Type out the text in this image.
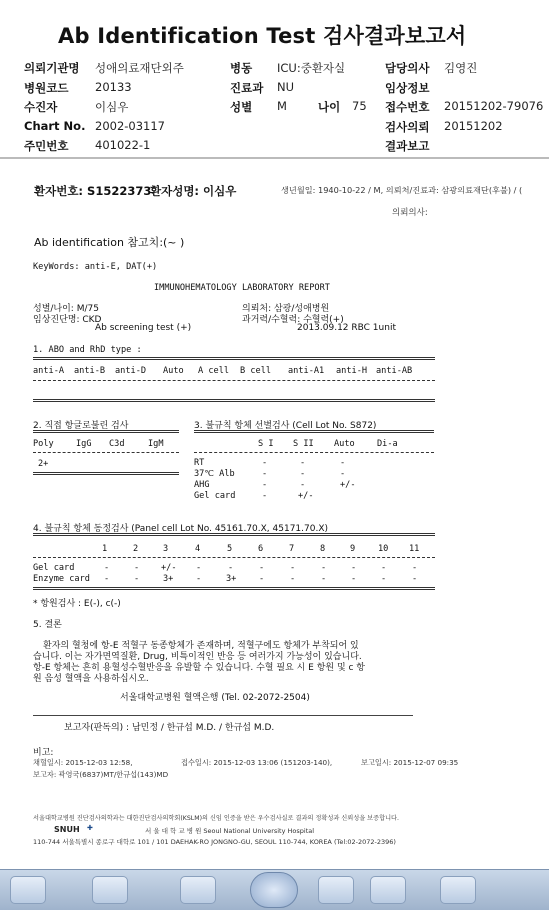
Ab Identification Test 검사결과보고서
의뢰기관명 성애의료재단외주	병동 ICU:중환자실	담당의사 김영진
병원코드 20133	진료과 NU	임상정보
수진자	이심우	성별 M	나이 75 접수번호 20151202-79076
Chart No. 2002-03117	검사의뢰 20151202
주민번호 401022-1	결과보고
환자번호: S1522373
환자성명: 이심우	생년월일: 1940-10-22 / M, 의뢰처/진료과: 삼광의료재단(후불) / (
의뢰의사:
Ab identification 참고치:(~ )
KeyWords: anti-E, DAT(+)
IMMUNOHEMATOLOGY LABORATORY REPORT
성별/나이: M/75
임상진단명: CKD
Ab screening test (+)
의뢰처: 삼광/성애병원
과거력/수혈력: 수혈력(+)
2013.09.12 RBC 1unit
1. ABO and RhD type :
anti-A anti-B anti-D Auto A cell B cell anti-A1 anti-H anti-AB
2. 직접 항글로불린 검사
Poly	IgG C3d	IgM
2+
3. 불규칙 항체 선별검사 (Cell Lot No. S872)
S I S II Auto	Di-a
RT	-	-	-
37℃ Alb	-	-	-
AHG	-	-	+/-
Gel card	-	+/-
4. 불규칙 항체 동정검사 (Panel cell Lot No. 45161.70.X, 45171.70.X)
1	2	3	4	5	6	7	8	9	10 11
Gel card	-	-	+/- -	-	-	-	-	-	-	-
Enzyme card -	-	3+	-	3+	-	-	-	-	-	-
* 항원검사 : E(-), c(-)
5. 결론
환자의 혈청에 항-E 적혈구 동종항체가 존재하며, 적혈구에도 항체가 부착되어 있
습니다. 이는 자가면역질환, Drug, 비특이적인 반응 등 여러가지 가능성이 있습니다.
항-E 항체는 흔히 용혈성수혈반응을 유발할 수 있습니다. 수혈 필요 시 E 항원 및 c 항
원 음성 혈액을 사용하십시오.
서울대학교병원 혈액은행 (Tel. 02-2072-2504)
보고자(판독의) : 남민정 / 한규섭 M.D. / 한규섭 M.D.
비고:
채혈일시: 2015-12-03 12:58,	접수일시: 2015-12-03 13:06 (151203-140),	보고일시: 2015-12-07 09:35
보고자: 곽영국(6837)MT/한규섭(143)MD
서울대학교병원 진단검사의학과는 대한진단검사의학회(KSLM)의 신임 인증을 받은 우수검사실로 결과의 정확성과 신뢰성을 보증합니다.
SNUH ✚	서 울 대 학 교 병 원 Seoul National University Hospital
110-744 서울특별시 종로구 대학로 101 / 101 DAEHAK-RO JONGNO-GU, SEOUL 110-744, KOREA (Tel:02-2072-2396)
